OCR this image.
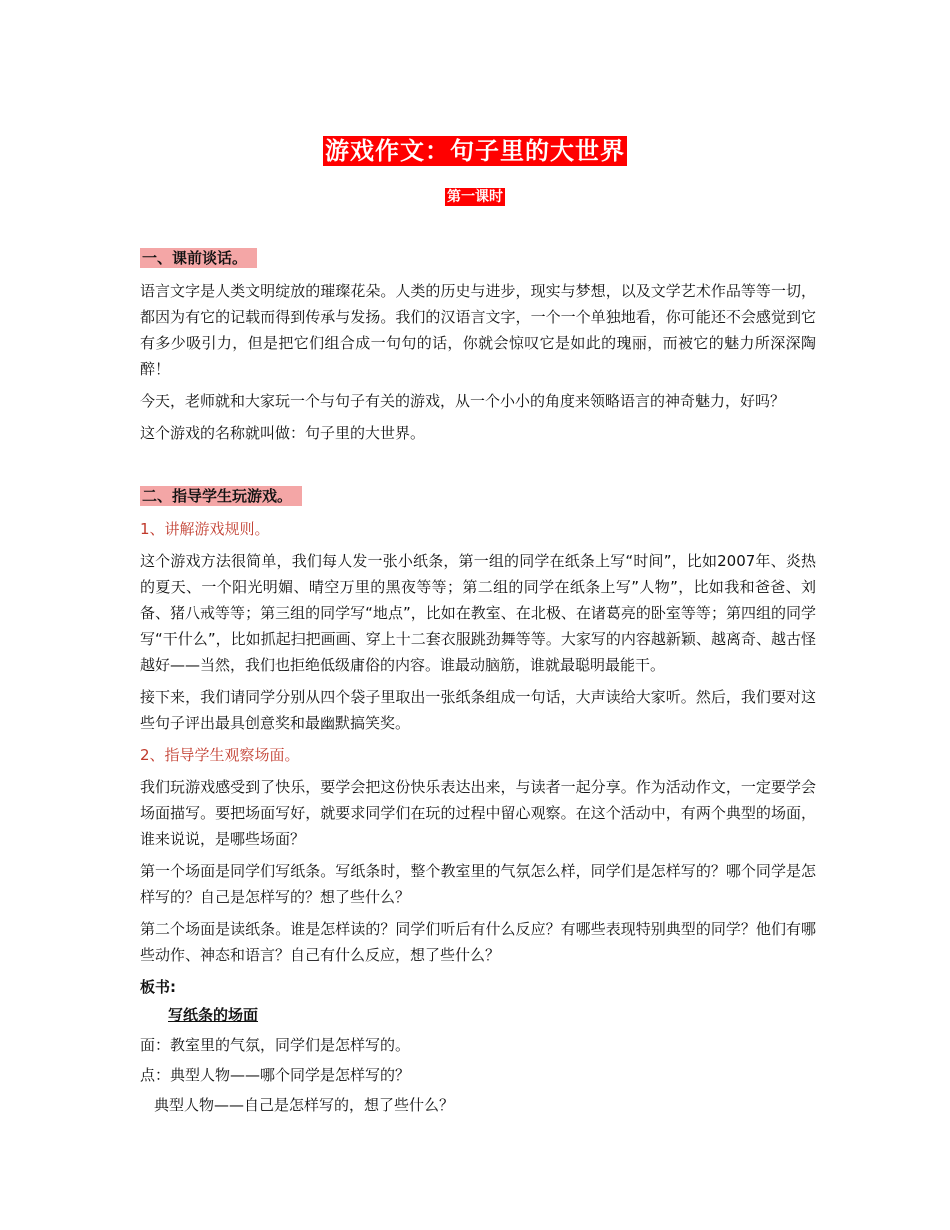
游戏作文：句子里的大世界
第一课时

一、课前谈话。

语言文字是人类文明绽放的璀璨花朵。人类的历史与进步，现实与梦想，以及文学艺术作品等等一切，都因为有它的记载而得到传承与发扬。我们的汉语言文字，一个一个单独地看，你可能还不会感觉到它有多少吸引力，但是把它们组合成一句句的话，你就会惊叹它是如此的瑰丽，而被它的魅力所深深陶醉！

今天，老师就和大家玩一个与句子有关的游戏，从一个小小的角度来领略语言的神奇魅力，好吗？

这个游戏的名称就叫做：句子里的大世界。

二、指导学生玩游戏。

1、讲解游戏规则。

这个游戏方法很简单，我们每人发一张小纸条，第一组的同学在纸条上写“时间”，比如2007年、炎热的夏天、一个阳光明媚、晴空万里的黑夜等等；第二组的同学在纸条上写”人物”，比如我和爸爸、刘备、猪八戒等等；第三组的同学写“地点”，比如在教室、在北极、在诸葛亮的卧室等等；第四组的同学写“干什么”，比如抓起扫把画画、穿上十二套衣服跳劲舞等等。大家写的内容越新颖、越离奇、越古怪越好——当然，我们也拒绝低级庸俗的内容。谁最动脑筋，谁就最聪明最能干。

接下来，我们请同学分别从四个袋子里取出一张纸条组成一句话，大声读给大家听。然后，我们要对这些句子评出最具创意奖和最幽默搞笑奖。

2、指导学生观察场面。

我们玩游戏感受到了快乐，要学会把这份快乐表达出来，与读者一起分享。作为活动作文，一定要学会场面描写。要把场面写好，就要求同学们在玩的过程中留心观察。在这个活动中，有两个典型的场面，谁来说说，是哪些场面？

第一个场面是同学们写纸条。写纸条时，整个教室里的气氛怎么样，同学们是怎样写的？哪个同学是怎样写的？自己是怎样写的？想了些什么？

第二个场面是读纸条。谁是怎样读的？同学们听后有什么反应？有哪些表现特别典型的同学？他们有哪些动作、神态和语言？自己有什么反应，想了些什么？

板书:

写纸条的场面

面：教室里的气氛，同学们是怎样写的。

点：典型人物——哪个同学是怎样写的？

典型人物——自己是怎样写的，想了些什么？
